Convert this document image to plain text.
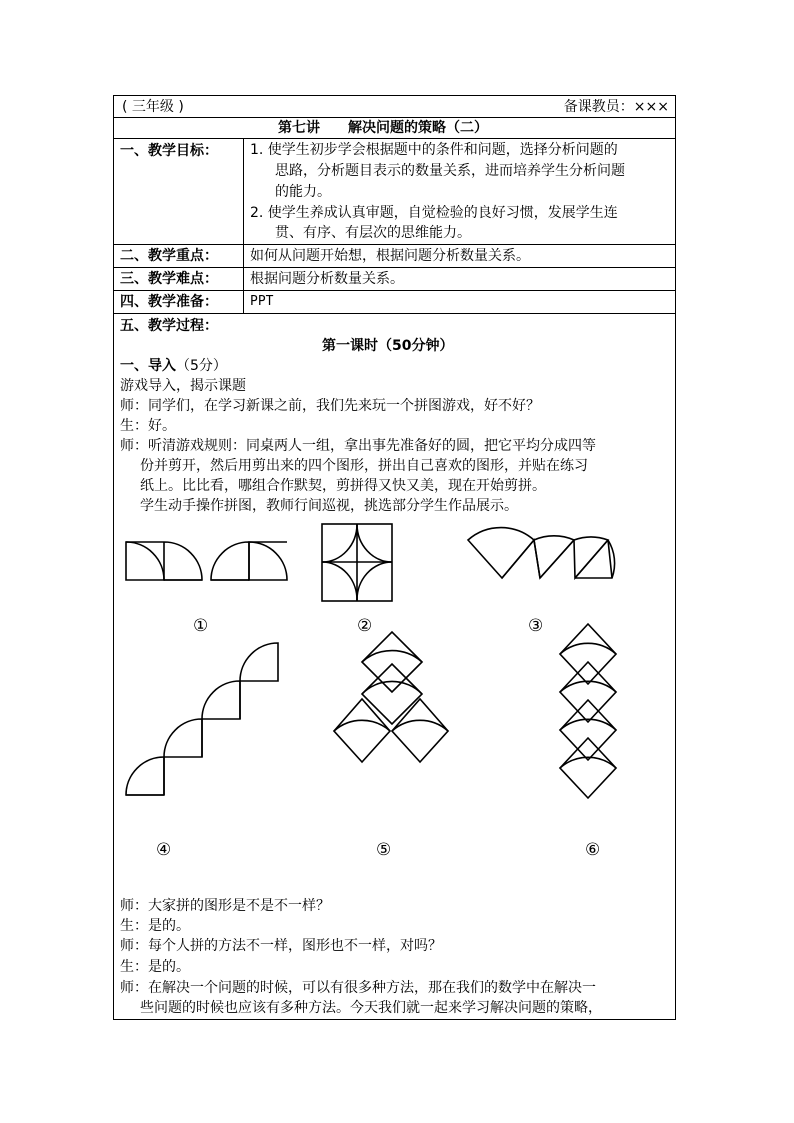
( 三年级 )	备课教员：×××
第七讲　　解决问题的策略（二）
一、教学目标： 1. 使学生初步学会根据题中的条件和问题，选择分析问题的
思路，分析题目表示的数量关系，进而培养学生分析问题
的能力。
2. 使学生养成认真审题，自觉检验的良好习惯，发展学生连
贯、有序、有层次的思维能力。
二、教学重点： 如何从问题开始想，根据问题分析数量关系。
三、教学难点： 根据问题分析数量关系。
四、教学准备： PPT
五、教学过程：
第一课时（50分钟）
一、导入（5分）
游戏导入，揭示课题
师：同学们，在学习新课之前，我们先来玩一个拼图游戏，好不好？
生：好。
师：听清游戏规则：同桌两人一组，拿出事先准备好的圆，把它平均分成四等
份并剪开，然后用剪出来的四个图形，拼出自己喜欢的图形，并贴在练习
纸上。比比看，哪组合作默契，剪拼得又快又美，现在开始剪拼。
学生动手操作拼图，教师行间巡视，挑选部分学生作品展示。
①	②	③
④	⑤	⑥
师：大家拼的图形是不是不一样？
生：是的。
师：每个人拼的方法不一样，图形也不一样，对吗？
生：是的。
师：在解决一个问题的时候，可以有很多种方法，那在我们的数学中在解决一
些问题的时候也应该有多种方法。今天我们就一起来学习解决问题的策略，
